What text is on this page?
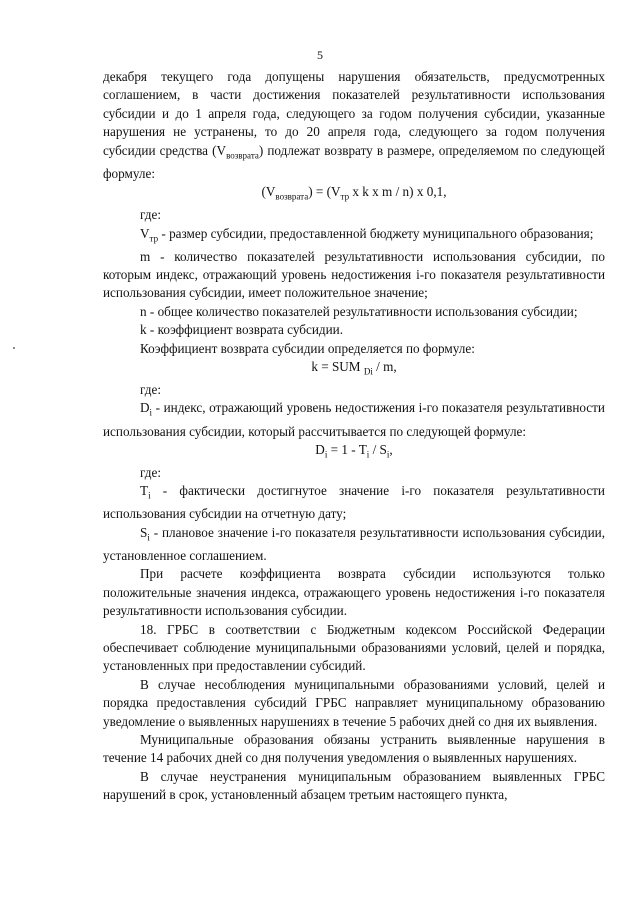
5

декабря текущего года допущены нарушения обязательств, предусмотренных соглашением, в части достижения показателей результативности использования субсидии и до 1 апреля года, следующего за годом получения субсидии, указанные нарушения не устранены, то до 20 апреля года, следующего за годом получения субсидии средства $(V_{возврата})$ подлежат возврату в размере, определяемом по следующей формуле:

$(V_{возврата}) = (V_{тр}$ x k x m / n) x 0,1,

где:

$V_{тр}$ - размер субсидии, предоставленной бюджету муниципального образования;

m - количество показателей результативности использования субсидии, по которым индекс, отражающий уровень недостижения i-го показателя результативности использования субсидии, имеет положительное значение;

n - общее количество показателей результативности использования субсидии;

k - коэффициент возврата субсидии.

Коэффициент возврата субсидии определяется по формуле:

k = SUM $_{Di}$ / m,

где:

$D_i$ - индекс, отражающий уровень недостижения i-го показателя результативности использования субсидии, который рассчитывается по следующей формуле:

$D_i = 1 - T_i / S_i$,

где:

$T_i$ - фактически достигнутое значение i-го показателя результативности использования субсидии на отчетную дату;

$S_i$ - плановое значение i-го показателя результативности использования субсидии, установленное соглашением.

При расчете коэффициента возврата субсидии используются только положительные значения индекса, отражающего уровень недостижения i-го показателя результативности использования субсидии.

18. ГРБС в соответствии с Бюджетным кодексом Российской Федерации обеспечивает соблюдение муниципальными образованиями условий, целей и порядка, установленных при предоставлении субсидий.

В случае несоблюдения муниципальными образованиями условий, целей и порядка предоставления субсидий ГРБС направляет муниципальному образованию уведомление о выявленных нарушениях в течение 5 рабочих дней со дня их выявления.

Муниципальные образования обязаны устранить выявленные нарушения в течение 14 рабочих дней со дня получения уведомления о выявленных нарушениях.

В случае неустранения муниципальным образованием выявленных ГРБС нарушений в срок, установленный абзацем третьим настоящего пункта,
